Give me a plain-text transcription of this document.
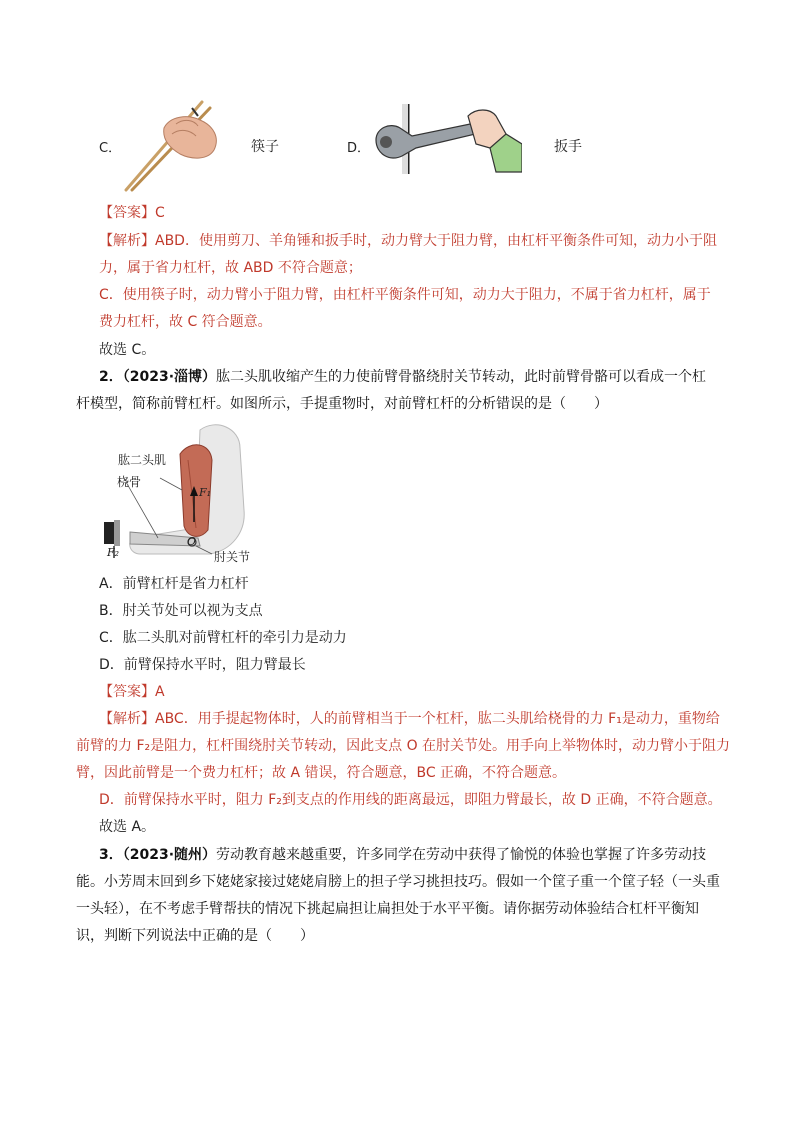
C．	筷子	D．	扳手
【答案】C
【解析】ABD．使用剪刀、羊角锤和扳手时，动力臂大于阻力臂，由杠杆平衡条件可知，动力小于阻
力，属于省力杠杆，故 ABD 不符合题意；
C．使用筷子时，动力臂小于阻力臂，由杠杆平衡条件可知，动力大于阻力，不属于省力杠杆，属于
费力杠杆，故 C 符合题意。
故选 C。
2．（2023·淄博）肱二头肌收缩产生的力使前臂骨骼绕肘关节转动，此时前臂骨骼可以看成一个杠
杆模型，简称前臂杠杆。如图所示，手提重物时，对前臂杠杆的分析错误的是（　　）
肱二头肌
桡骨
F₁
F₂
O
肘关节
A．前臂杠杆是省力杠杆
B．肘关节处可以视为支点
C．肱二头肌对前臂杠杆的牵引力是动力
D．前臂保持水平时，阻力臂最长
【答案】A
【解析】ABC．用手提起物体时，人的前臂相当于一个杠杆，肱二头肌给桡骨的力 F₁是动力，重物给
前臂的力 F₂是阻力，杠杆围绕肘关节转动，因此支点 O 在肘关节处。用手向上举物体时，动力臂小于阻力
臂，因此前臂是一个费力杠杆；故 A 错误，符合题意，BC 正确，不符合题意。
D．前臂保持水平时，阻力 F₂到支点的作用线的距离最远，即阻力臂最长，故 D 正确，不符合题意。
故选 A。
3．（2023·随州）劳动教育越来越重要，许多同学在劳动中获得了愉悦的体验也掌握了许多劳动技
能。小芳周末回到乡下姥姥家接过姥姥肩膀上的担子学习挑担技巧。假如一个筐子重一个筐子轻（一头重
一头轻），在不考虑手臂帮扶的情况下挑起扁担让扁担处于水平平衡。请你据劳动体验结合杠杆平衡知
识，判断下列说法中正确的是（　　）
